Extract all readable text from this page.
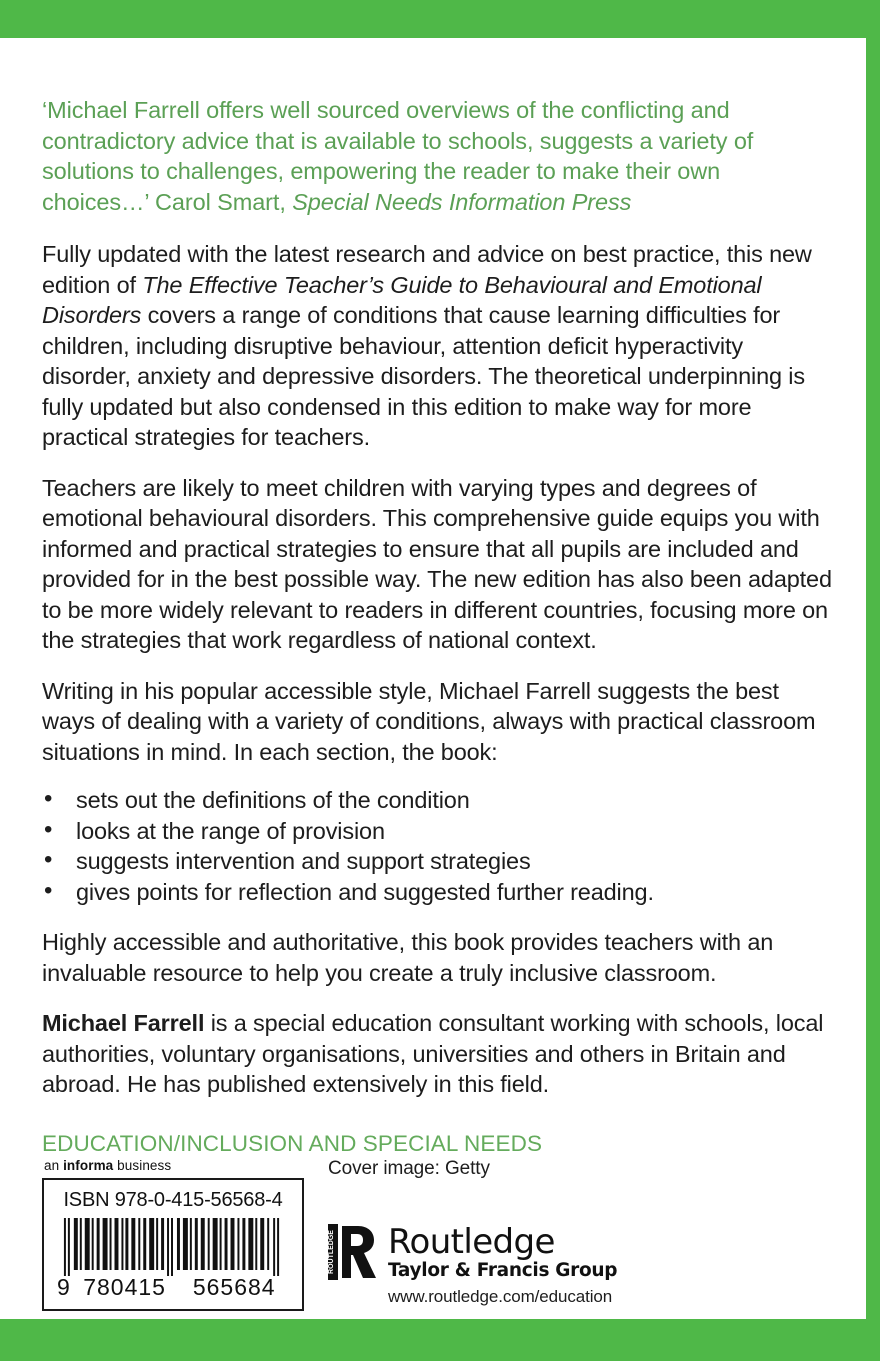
‘Michael Farrell offers well sourced overviews of the conflicting and contradictory advice that is available to schools, suggests a variety of solutions to challenges, empowering the reader to make their own choices…’ Carol Smart, Special Needs Information Press

Fully updated with the latest research and advice on best practice, this new edition of The Effective Teacher’s Guide to Behavioural and Emotional Disorders covers a range of conditions that cause learning difficulties for children, including disruptive behaviour, attention deficit hyperactivity disorder, anxiety and depressive disorders. The theoretical underpinning is fully updated but also condensed in this edition to make way for more practical strategies for teachers.

Teachers are likely to meet children with varying types and degrees of emotional behavioural disorders. This comprehensive guide equips you with informed and practical strategies to ensure that all pupils are included and provided for in the best possible way. The new edition has also been adapted to be more widely relevant to readers in different countries, focusing more on the strategies that work regardless of national context.

Writing in his popular accessible style, Michael Farrell suggests the best ways of dealing with a variety of conditions, always with practical classroom situations in mind. In each section, the book:

• sets out the definitions of the condition
• looks at the range of provision
• suggests intervention and support strategies
• gives points for reflection and suggested further reading.

Highly accessible and authoritative, this book provides teachers with an invaluable resource to help you create a truly inclusive classroom.

Michael Farrell is a special education consultant working with schools, local authorities, voluntary organisations, universities and others in Britain and abroad. He has published extensively in this field.

EDUCATION/INCLUSION AND SPECIAL NEEDS

an informa business
ISBN 978-0-415-56568-4
9 780415	565684
Cover image: Getty
ROUTLEDGE Routledge
Taylor & Francis Group
www.routledge.com/education
